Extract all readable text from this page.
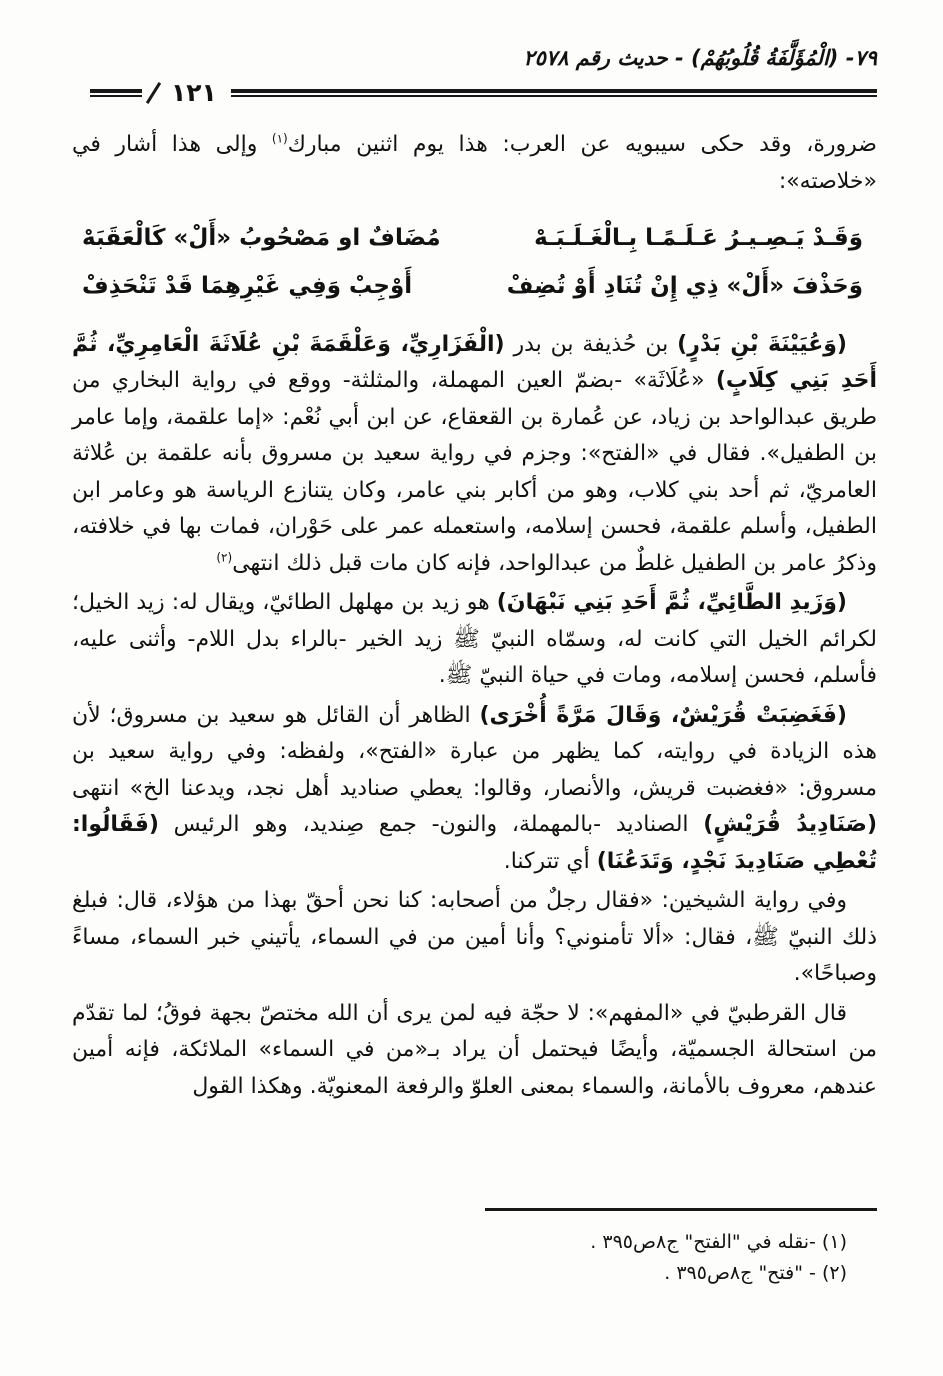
٧٩- (الْمُؤَلَّفَةُ قُلُوبُهُمْ) - حديث رقم ٢٥٧٨
١٢١

ضرورة، وقد حكى سيبويه عن العرب: هذا يوم اثنين مبارك$^{(١)}$ وإلى هذا أشار في «خلاصته»:

وَقَـدْ يَـصِـيـرُ عَـلَـمًـا بِـالْغَـلَـبَـهْ
مُضَافٌ او مَصْحُوبُ «أَلْ» كَالْعَقَبَهْ
وَحَذْفَ «أَلْ» ذِي إِنْ تُنَادِ أَوْ تُضِفْ
أَوْجِبْ وَفِي غَيْرِهِمَا قَدْ تَنْحَذِفْ

(وَعُيَيْنَةَ بْنِ بَدْرٍ) بن حُذيفة بن بدر (الْفَزَارِيِّ، وَعَلْقَمَةَ بْنِ عُلَاثَةَ الْعَامِرِيِّ، ثُمَّ أَحَدِ بَنِي كِلَابٍ) «عُلَاثَة» -بضمّ العين المهملة، والمثلثة- ووقع في رواية البخاري من طريق عبدالواحد بن زياد، عن عُمارة بن القعقاع، عن ابن أبي نُعْم: «إما علقمة، وإما عامر بن الطفيل». فقال في «الفتح»: وجزم في رواية سعيد بن مسروق بأنه علقمة بن عُلاثة العامريّ، ثم أحد بني كلاب، وهو من أكابر بني عامر، وكان يتنازع الرياسة هو وعامر ابن الطفيل، وأسلم علقمة، فحسن إسلامه، واستعمله عمر على حَوْران، فمات بها في خلافته، وذكرُ عامر بن الطفيل غلطٌ من عبدالواحد، فإنه كان مات قبل ذلك انتهى$^{(٢)}$

(وَزَيدِ الطَّائِيِّ، ثُمَّ أَحَدِ بَنِي نَبْهَانَ) هو زيد بن مهلهل الطائيّ، ويقال له: زيد الخيل؛ لكرائم الخيل التي كانت له، وسمّاه النبيّ ﷺ زيد الخير -بالراء بدل اللام- وأثنى عليه، فأسلم، فحسن إسلامه، ومات في حياة النبيّ ﷺ.

(فَغَضِبَتْ قُرَيْشٌ، وَقَالَ مَرَّةً أُخْرَى) الظاهر أن القائل هو سعيد بن مسروق؛ لأن هذه الزيادة في روايته، كما يظهر من عبارة «الفتح»، ولفظه: وفي رواية سعيد بن مسروق: «فغضبت قريش، والأنصار، وقالوا: يعطي صناديد أهل نجد، ويدعنا الخ» انتهى (صَنَادِيدُ قُرَيْشٍ) الصناديد -بالمهملة، والنون- جمع صِنديد، وهو الرئيس (فَقَالُوا: تُعْطِي صَنَادِيدَ نَجْدٍ، وَتَدَعُنَا) أي تتركنا.

وفي رواية الشيخين: «فقال رجلٌ من أصحابه: كنا نحن أحقّ بهذا من هؤلاء، قال: فبلغ ذلك النبيّ ﷺ، فقال: «ألا تأمنوني؟ وأنا أمين من في السماء، يأتيني خبر السماء، مساءً وصباحًا».

قال القرطبيّ في «المفهم»: لا حجّة فيه لمن يرى أن الله مختصّ بجهة فوقُ؛ لما تقدّم من استحالة الجسميّة، وأيضًا فيحتمل أن يراد بـ«من في السماء» الملائكة، فإنه أمين عندهم، معروف بالأمانة، والسماء بمعنى العلوّ والرفعة المعنويّة. وهكذا القول

(١) -نقله في "الفتح" ج٨ص٣٩٥ .
(٢) - "فتح" ج٨ص٣٩٥ .
